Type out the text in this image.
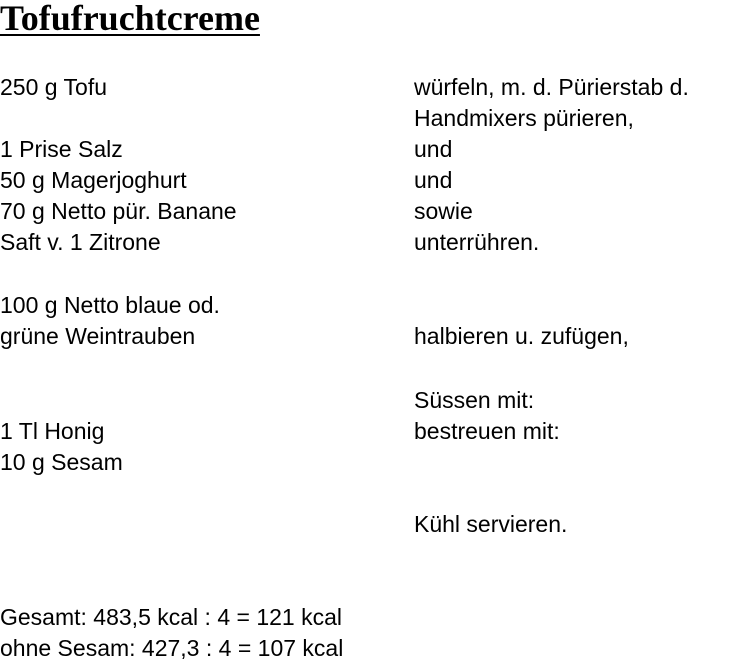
Tofufruchtcreme
250 g Tofu
1 Prise Salz
50 g Magerjoghurt
70 g Netto pür. Banane
Saft v. 1 Zitrone
100 g Netto blaue od.
grüne Weintrauben
1 Tl Honig
10 g Sesam
würfeln, m. d. Pürierstab d.
Handmixers pürieren,
und
und
sowie
unterrühren.
halbieren u. zufügen,
Süssen mit:
bestreuen mit:
Kühl servieren.
Gesamt: 483,5 kcal : 4 = 121 kcal
ohne Sesam: 427,3 : 4 = 107 kcal
